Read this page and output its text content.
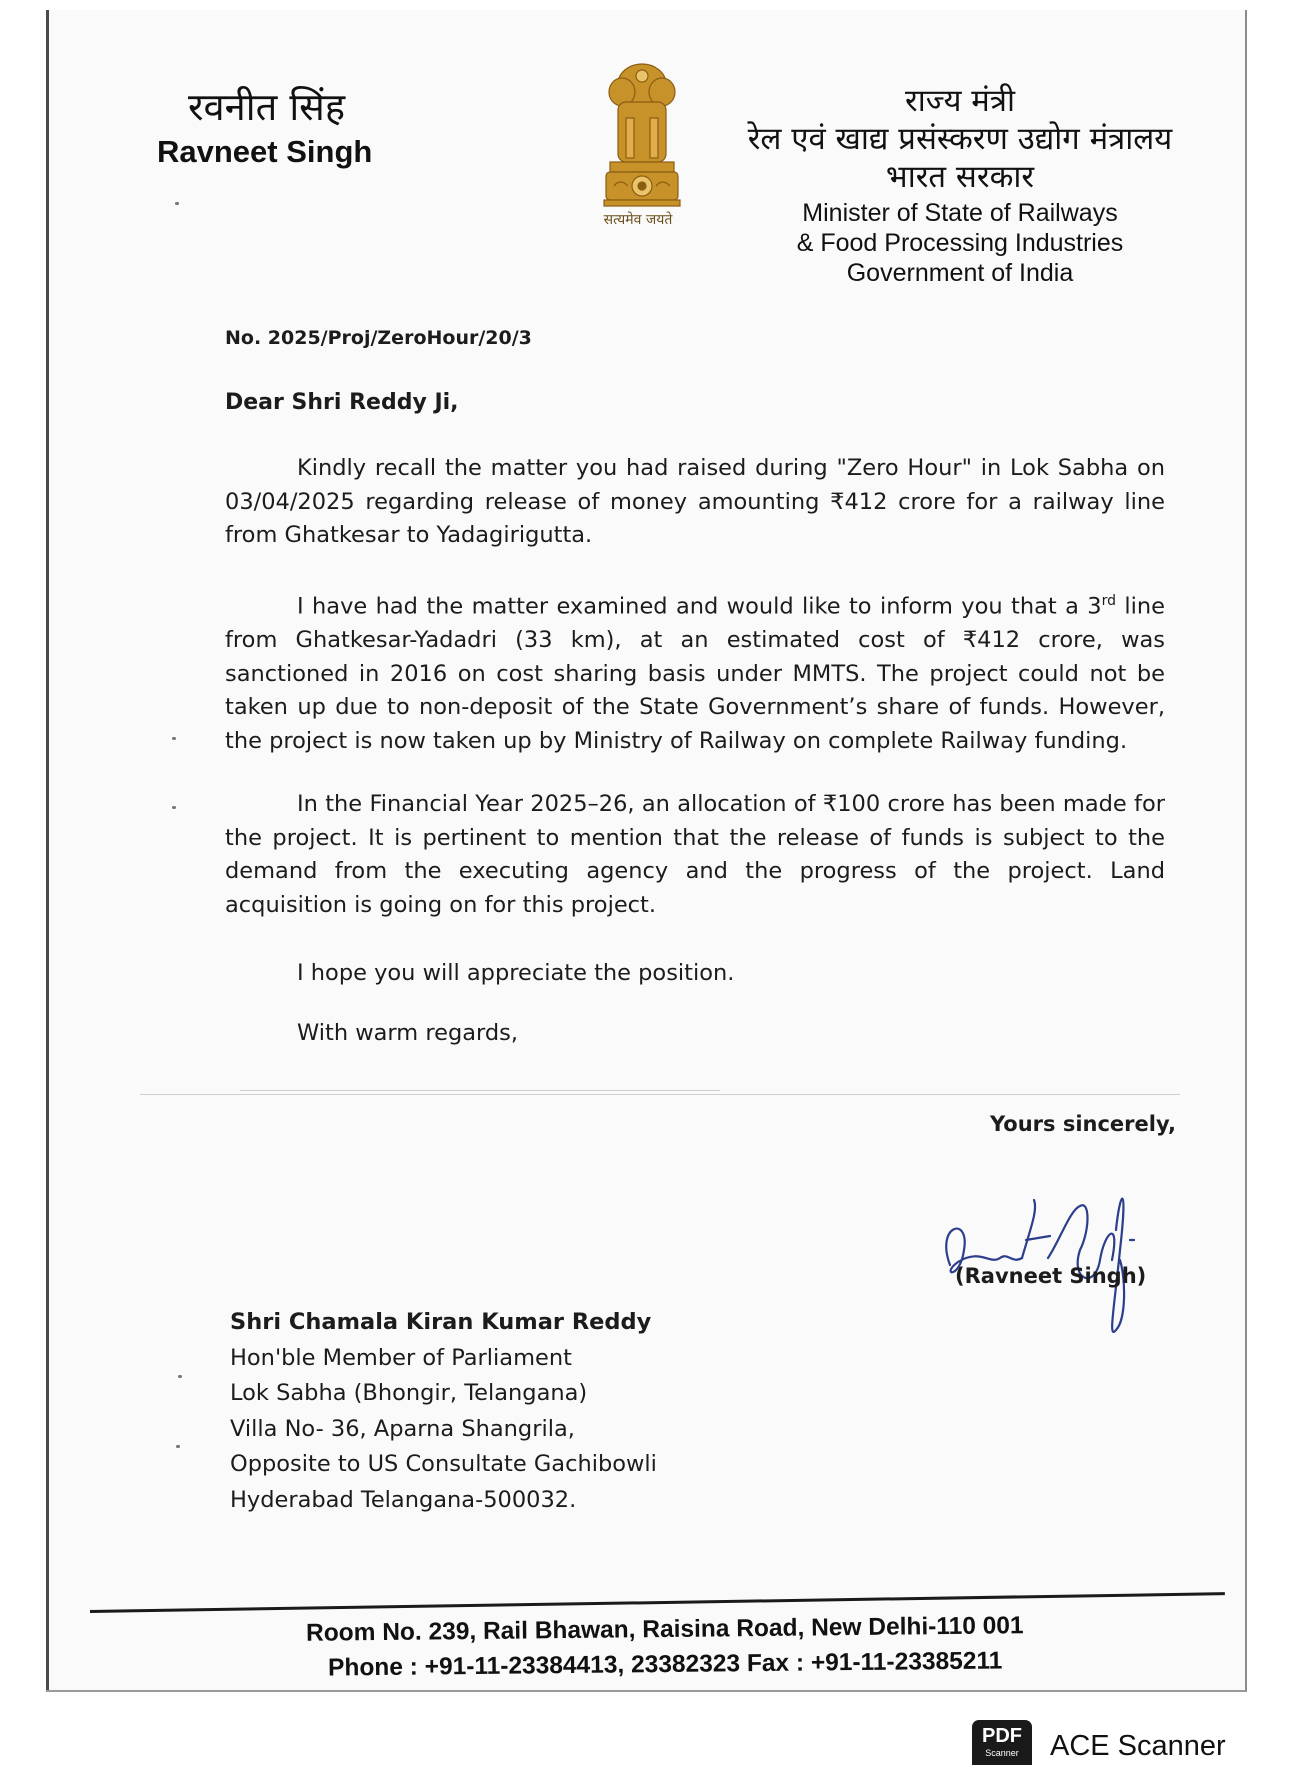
रवनीत सिंह
Ravneet Singh
सत्यमेव जयते
राज्य मंत्री
रेल एवं खाद्य प्रसंस्करण उद्योग मंत्रालय
भारत सरकार
Minister of State of Railways
& Food Processing Industries
Government of India
No. 2025/Proj/ZeroHour/20/3
Dear Shri Reddy Ji,
Kindly recall the matter you had raised during "Zero Hour" in Lok Sabha on 03/04/2025 regarding release of money amounting ₹412 crore for a railway line from Ghatkesar to Yadagirigutta.
I have had the matter examined and would like to inform you that a 3rd line from Ghatkesar-Yadadri (33 km), at an estimated cost of ₹412 crore, was sanctioned in 2016 on cost sharing basis under MMTS. The project could not be taken up due to non-deposit of the State Government’s share of funds. However, the project is now taken up by Ministry of Railway on complete Railway funding.
In the Financial Year 2025–26, an allocation of ₹100 crore has been made for the project. It is pertinent to mention that the release of funds is subject to the demand from the executing agency and the progress of the project. Land acquisition is going on for this project.
I hope you will appreciate the position.
With warm regards,
Yours sincerely,
(Ravneet Singh)
Shri Chamala Kiran Kumar Reddy
Hon'ble Member of Parliament
Lok Sabha (Bhongir, Telangana)
Villa No- 36, Aparna Shangrila,
Opposite to US Consultate Gachibowli
Hyderabad Telangana-500032.
Room No. 239, Rail Bhawan, Raisina Road, New Delhi-110 001
Phone : +91-11-23384413, 23382323 Fax : +91-11-23385211
PDF
Scanner	ACE Scanner
